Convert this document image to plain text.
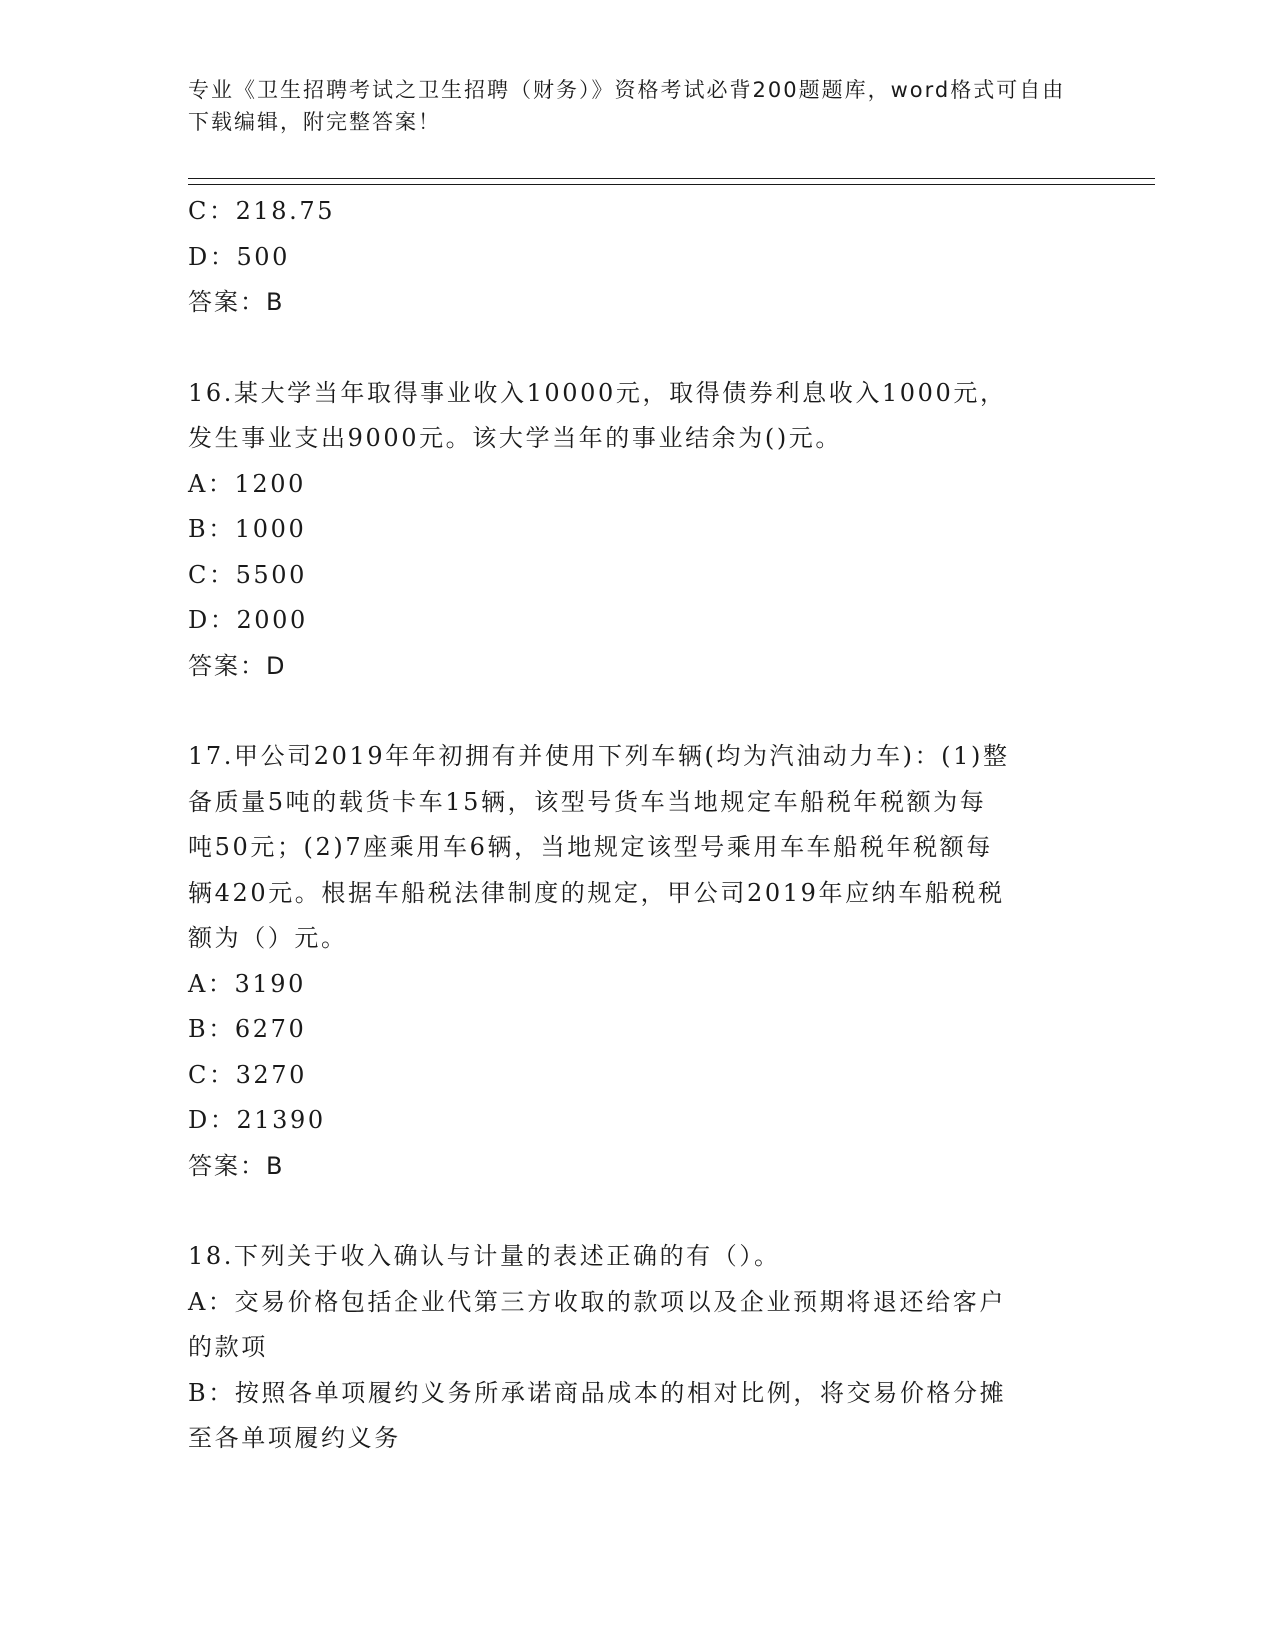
专业《卫生招聘考试之卫生招聘（财务）》资格考试必背200题题库，word格式可自由下载编辑，附完整答案！
C：218.75
D：500
答案：B
16.某大学当年取得事业收入10000元，取得债券利息收入1000元，
发生事业支出9000元。该大学当年的事业结余为()元。
A：1200
B：1000
C：5500
D：2000
答案：D
17.甲公司2019年年初拥有并使用下列车辆(均为汽油动力车)：(1)整
备质量5吨的载货卡车15辆，该型号货车当地规定车船税年税额为每
吨50元；(2)7座乘用车6辆，当地规定该型号乘用车车船税年税额每
辆420元。根据车船税法律制度的规定，甲公司2019年应纳车船税税
额为（）元。
A：3190
B：6270
C：3270
D：21390
答案：B
18.下列关于收入确认与计量的表述正确的有（）。
A：交易价格包括企业代第三方收取的款项以及企业预期将退还给客户
的款项
B：按照各单项履约义务所承诺商品成本的相对比例，将交易价格分摊
至各单项履约义务
